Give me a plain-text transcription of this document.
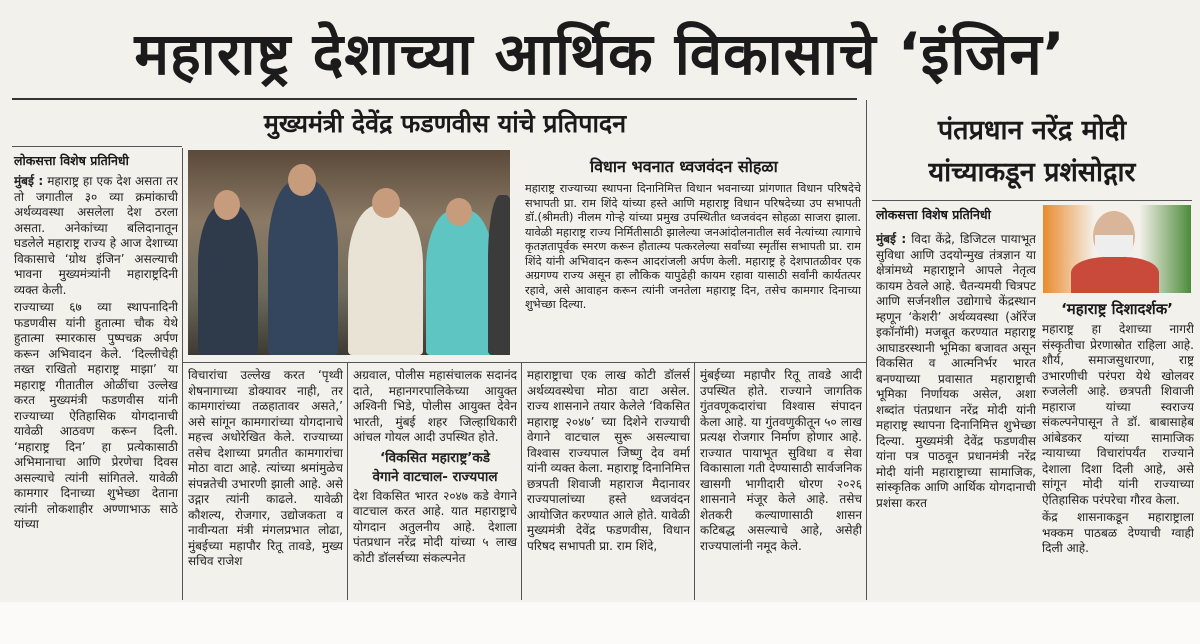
महाराष्ट्र देशाच्या आर्थिक विकासाचे ‘इंजिन’
मुख्यमंत्री देवेंद्र फडणवीस यांचे प्रतिपादन
लोकसत्ता विशेष प्रतिनिधी

मुंबई : महाराष्ट्र हा एक देश असता तर तो जगातील ३० व्या क्रमांकाची अर्थव्यवस्था असलेला देश ठरला असता. अनेकांच्या बलिदानातून घडलेले महाराष्ट्र राज्य हे आज देशाच्या विकासाचे ‘ग्रोथ इंजिन’ असल्याची भावना मुख्यमंत्र्यांनी महाराष्ट्रदिनी व्यक्त केली.

राज्याच्या ६७ व्या स्थापनादिनी फडणवीस यांनी हुतात्मा चौक येथे हुतात्मा स्मारकास पुष्पचक्र अर्पण करून अभिवादन केले. ‘दिल्लीचेही तख्त राखितो महाराष्ट्र माझा’ या महाराष्ट्र गीतातील ओळींचा उल्लेख करत मुख्यमंत्री फडणवीस यांनी राज्याच्या ऐतिहासिक योगदानाची यावेळी आठवण करून दिली. ‘महाराष्ट्र दिन’ हा प्रत्येकासाठी अभिमानाचा आणि प्रेरणेचा दिवस असल्याचे त्यांनी सांगितले. यावेळी कामगार दिनाच्या शुभेच्छा देताना त्यांनी लोकशाहीर अण्णाभाऊ साठे यांच्या

विधान भवनात ध्वजवंदन सोहळा
महाराष्ट्र राज्याच्या स्थापना दिनानिमित्त विधान भवनाच्या प्रांगणात विधान परिषदेचे सभापती प्रा. राम शिंदे यांच्या हस्ते आणि महाराष्ट्र विधान परिषदेच्या उप सभापती डॉ.(श्रीमती) नीलम गोऱ्हे यांच्या प्रमुख उपस्थितीत ध्वजवंदन सोहळा साजरा झाला. यावेळी महाराष्ट्र राज्य निर्मितीसाठी झालेल्या जनआंदोलनातील सर्व नेत्यांच्या त्यागाचे कृतज्ञतापूर्वक स्मरण करून हौतात्म्य पत्करलेल्या सर्वांच्या स्मृतींस सभापती प्रा. राम शिंदे यांनी अभिवादन करून आदरांजली अर्पण केली. महाराष्ट्र हे देशपातळीवर एक अग्रगण्य राज्य असून हा लौकिक यापुढेही कायम रहावा यासाठी सर्वांनी कार्यतत्पर रहावे, असे आवाहन करून त्यांनी जनतेला महाराष्ट्र दिन, तसेच कामगार दिनाच्या शुभेच्छा दिल्या.
विचारांचा उल्लेख करत ‘पृथ्वी शेषनागाच्या डोक्यावर नाही, तर कामगारांच्या तळहातावर असते,’ असे सांगून कामगारांच्या योगदानाचे महत्त्व अधोरेखित केले. राज्याच्या तसेच देशाच्या प्रगतीत कामगारांचा मोठा वाटा आहे. त्यांच्या श्रमांमुळेच संपन्नतेची उभारणी झाली आहे. असे उद्गार त्यांनी काढले. यावेळी कौशल्य, रोजगार, उद्योजकता व नावीन्यता मंत्री मंगलप्रभात लोढा, मुंबईच्या महापौर रितू तावडे, मुख्य सचिव राजेश

अग्रवाल, पोलीस महासंचालक सदानंद दाते, महानगरपालिकेच्या आयुक्त अश्विनी भिडे, पोलीस आयुक्त देवेन भारती, मुंबई शहर जिल्हाधिकारी आंचल गोयल आदी उपस्थित होते.

‘विकसित महाराष्ट्र’कडे
वेगाने वाटचाल- राज्यपाल

देश विकसित भारत २०४७ कडे वेगाने वाटचाल करत आहे. यात महाराष्ट्राचे योगदान अतुलनीय आहे. देशाला पंतप्रधान नरेंद्र मोदी यांच्या ५ लाख कोटी डॉलर्सच्या संकल्पनेत

महाराष्ट्राचा एक लाख कोटी डॉलर्स अर्थव्यवस्थेचा मोठा वाटा असेल. राज्य शासनाने तयार केलेले ‘विकसित महाराष्ट्र २०४७’ च्या दिशेने राज्याची वेगाने वाटचाल सुरू असल्याचा विश्वास राज्यपाल जिष्णु देव वर्मा यांनी व्यक्त केला. महाराष्ट्र दिनानिमित्त छत्रपती शिवाजी महाराज मैदानावर राज्यपालांच्या हस्ते ध्वजवंदन आयोजित करण्यात आले होते. यावेळी मुख्यमंत्री देवेंद्र फडणवीस, विधान परिषद सभापती प्रा. राम शिंदे,
मुंबईच्या महापौर रितू तावडे आदी उपस्थित होते. राज्याने जागतिक गुंतवणूकदारांचा विश्वास संपादन केला आहे. या गुंतवणुकीतून ५० लाख प्रत्यक्ष रोजगार निर्माण होणार आहे. राज्यात पायाभूत सुविधा व सेवा विकासाला गती देण्यासाठी सार्वजनिक खासगी भागीदारी धोरण २०२६ शासनाने मंजूर केले आहे. तसेच शेतकरी कल्याणासाठी शासन कटिबद्ध असल्याचे आहे, असेही राज्यपालांनी नमूद केले.
पंतप्रधान नरेंद्र मोदी
यांच्याकडून प्रशंसोद्गार
लोकसत्ता विशेष प्रतिनिधी

मुंबई : विदा केंद्रे, डिजिटल पायाभूत सुविधा आणि उदयोन्मुख तंत्रज्ञान या क्षेत्रांमध्ये महाराष्ट्राने आपले नेतृत्व कायम ठेवले आहे. चैतन्यमयी चित्रपट आणि सर्जनशील उद्योगाचे केंद्रस्थान म्हणून ‘केशरी’ अर्थव्यवस्था (ऑरेंज इकॉनॉमी) मजबूत करण्यात महाराष्ट्र आघाडरस्थानी भूमिका बजावत असून विकसित व आत्मनिर्भर भारत बनण्याच्या प्रवासात महाराष्ट्राची भूमिका निर्णायक असेल, अशा शब्दांत पंतप्रधान नरेंद्र मोदी यांनी महाराष्ट्र स्थापना दिनानिमित्त शुभेच्छा दिल्या. मुख्यमंत्री देवेंद्र फडणवीस यांना पत्र पाठवून प्रधानमंत्री नरेंद्र मोदी यांनी महाराष्ट्राच्या सामाजिक, सांस्कृतिक आणि आर्थिक योगदानाची प्रशंसा करत

‘महाराष्ट्र दिशादर्शक’

महाराष्ट्र हा देशाच्या नागरी संस्कृतीचा प्रेरणास्रोत राहिला आहे. शौर्य, समाजसुधारणा, राष्ट्र उभारणीची परंपरा येथे खोलवर रुजलेली आहे. छत्रपती शिवाजी महाराज यांच्या स्वराज्य संकल्पनेपासून ते डॉ. बाबासाहेब आंबेडकर यांच्या सामाजिक न्यायाच्या विचारांपर्यंत राज्याने देशाला दिशा दिली आहे, असे सांगून मोदी यांनी राज्याच्या ऐतिहासिक परंपरेचा गौरव केला.

केंद्र शासनाकडून महाराष्ट्राला भक्कम पाठबळ देण्याची ग्वाही दिली आहे.
